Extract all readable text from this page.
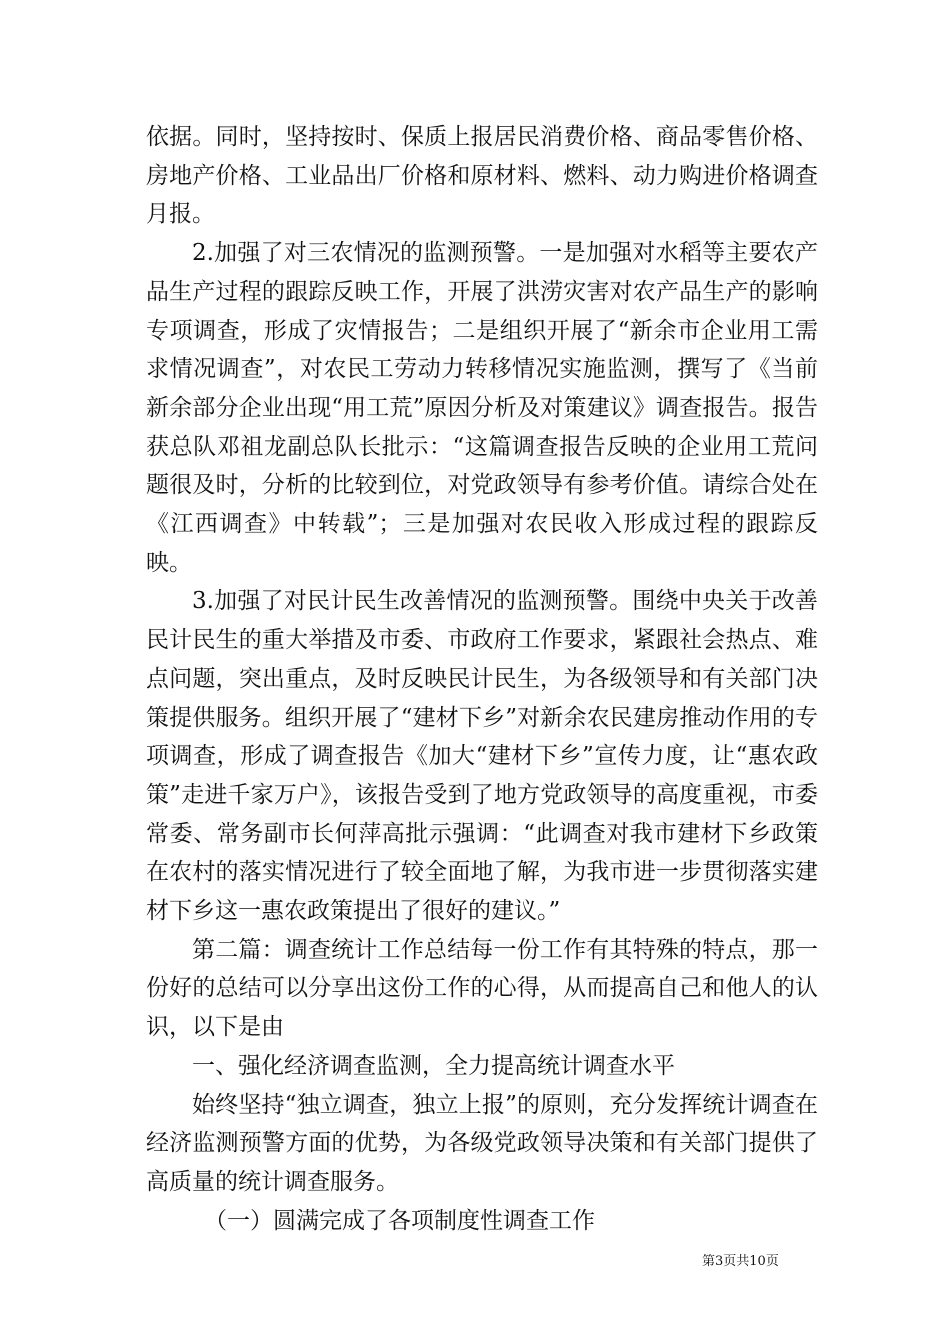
依据。同时，坚持按时、保质上报居民消费价格、商品零售价格、房地产价格、工业品出厂价格和原材料、燃料、动力购进价格调查月报。

2.加强了对三农情况的监测预警。一是加强对水稻等主要农产品生产过程的跟踪反映工作，开展了洪涝灾害对农产品生产的影响专项调查，形成了灾情报告；二是组织开展了“新余市企业用工需求情况调查”，对农民工劳动力转移情况实施监测，撰写了《当前新余部分企业出现“用工荒”原因分析及对策建议》调查报告。报告获总队邓祖龙副总队长批示：“这篇调查报告反映的企业用工荒问题很及时，分析的比较到位，对党政领导有参考价值。请综合处在《江西调查》中转载”；三是加强对农民收入形成过程的跟踪反映。

3.加强了对民计民生改善情况的监测预警。围绕中央关于改善民计民生的重大举措及市委、市政府工作要求，紧跟社会热点、难点问题，突出重点，及时反映民计民生，为各级领导和有关部门决策提供服务。组织开展了“建材下乡”对新余农民建房推动作用的专项调查，形成了调查报告《加大“建材下乡”宣传力度，让“惠农政策”走进千家万户》，该报告受到了地方党政领导的高度重视，市委常委、常务副市长何萍高批示强调：“此调查对我市建材下乡政策在农村的落实情况进行了较全面地了解，为我市进一步贯彻落实建材下乡这一惠农政策提出了很好的建议。”

第二篇：调查统计工作总结每一份工作有其特殊的特点，那一份好的总结可以分享出这份工作的心得，从而提高自己和他人的认识，以下是由

一、强化经济调查监测，全力提高统计调查水平

始终坚持“独立调查，独立上报”的原则，充分发挥统计调查在经济监测预警方面的优势，为各级党政领导决策和有关部门提供了高质量的统计调查服务。

（一）圆满完成了各项制度性调查工作

第3页共10页
